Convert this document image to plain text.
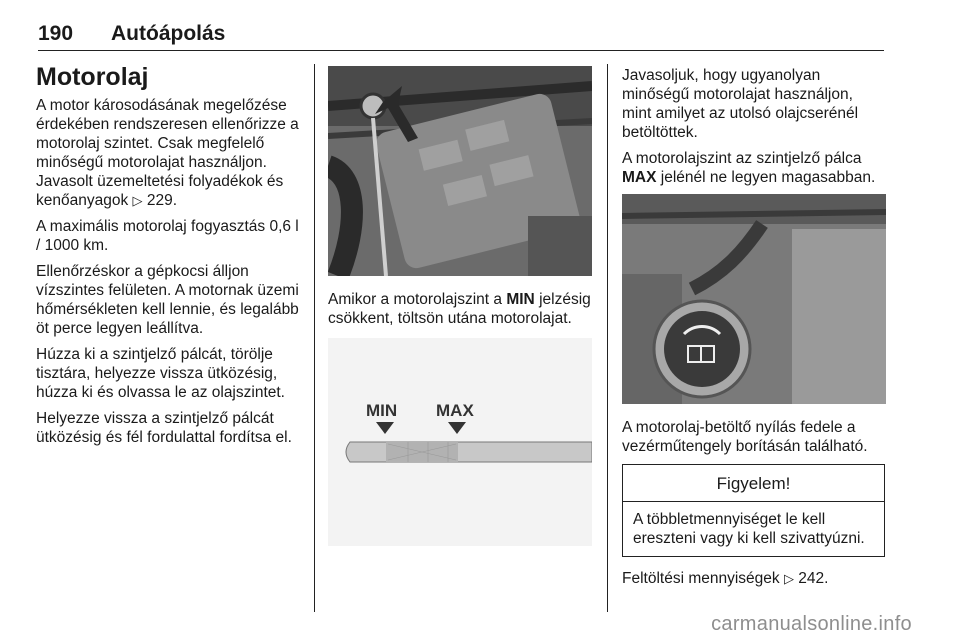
190 Autóápolás
Motorolaj

A motor károsodásának megelőzése érdekében rendszeresen ellenőrizze a motorolaj szintet. Csak megfelelő minőségű motorolajat használjon. Javasolt üzemeltetési folyadékok és kenőanyagok ▷ 229.

A maximális motorolaj fogyasztás 0,6 l / 1000 km.

Ellenőrzéskor a gépkocsi álljon vízszintes felületen. A motornak üzemi hőmérsékleten kell lennie, és legalább öt perce legyen leállítva.

Húzza ki a szintjelző pálcát, törölje tisztára, helyezze vissza ütközésig, húzza ki és olvassa le az olajszintet.

Helyezze vissza a szintjelző pálcát ütközésig és fél fordulattal fordítsa el.

Amikor a motorolajszint a MIN jelzésig csökkent, töltsön utána motorolajat.

MIN MAX

Javasoljuk, hogy ugyanolyan minőségű motorolajat használjon, mint amilyet az utolsó olajcserénél betöltöttek.

A motorolajszint az szintjelző pálca MAX jelénél ne legyen magasabban.

A motorolaj-betöltő nyílás fedele a vezérműtengely borításán található.

Figyelem!
A többletmennyiséget le kell ereszteni vagy ki kell szivattyúzni.

Feltöltési mennyiségek ▷ 242.

carmanualsonline.info
